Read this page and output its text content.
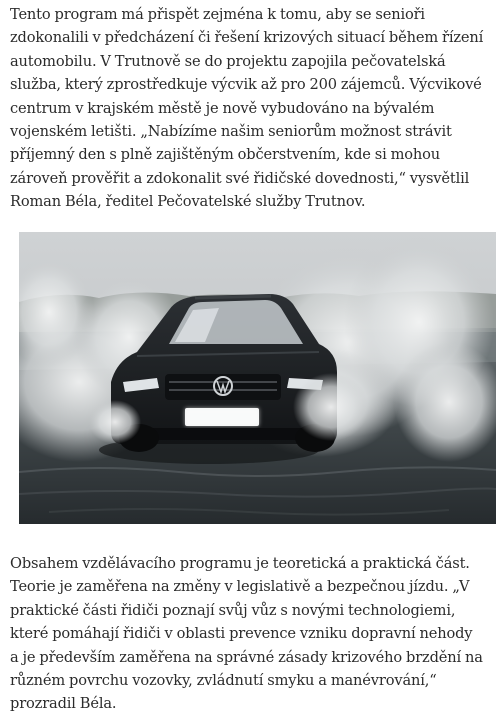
Tento program má přispět zejména k tomu, aby se senioři
zdokonalili v předcházení či řešení krizových situací během řízení
automobilu. V Trutnově se do projektu zapojila pečovatelská
služba, který zprostředkuje výcvik až pro 200 zájemců. Výcvikové
centrum v krajském městě je nově vybudováno na bývalém
vojenském letišti. „Nabízíme našim seniorům možnost strávit
příjemný den s plně zajištěným občerstvením, kde si mohou
zároveň prověřit a zdokonalit své řidičské dovednosti,“ vysvětlil
Roman Béla, ředitel Pečovatelské služby Trutnov.

Obsahem vzdělávacího programu je teoretická a praktická část.
Teorie je zaměřena na změny v legislativě a bezpečnou jízdu. „V
praktické části řidiči poznají svůj vůz s novými technologiemi,
které pomáhají řidiči v oblasti prevence vzniku dopravní nehody
a je především zaměřena na správné zásady krizového brzdění na
různém povrchu vozovky, zvládnutí smyku a manévrování,“
prozradil Béla.
